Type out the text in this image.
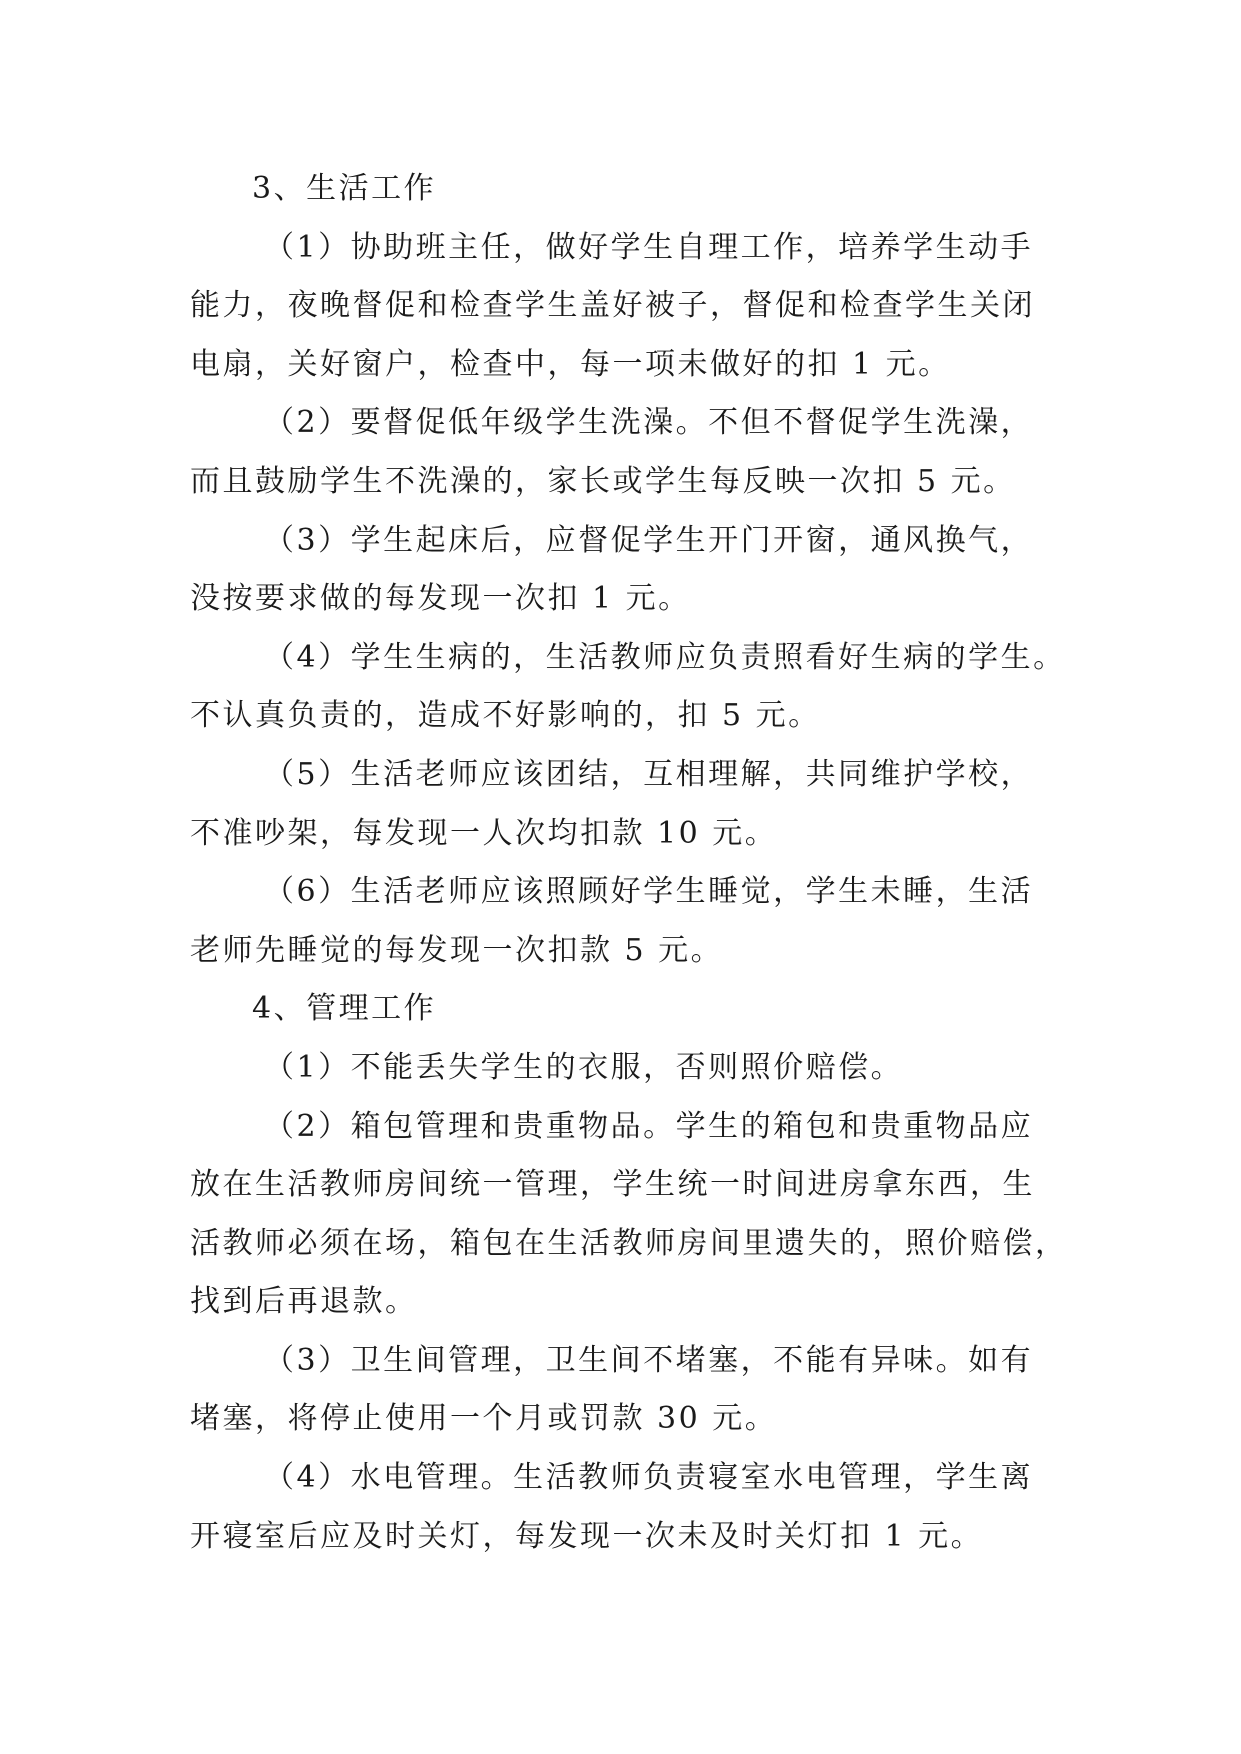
3、生活工作
（1）协助班主任，做好学生自理工作，培养学生动手
能力，夜晚督促和检查学生盖好被子，督促和检查学生关闭
电扇，关好窗户，检查中，每一项未做好的扣 1 元。
（2）要督促低年级学生洗澡。不但不督促学生洗澡，
而且鼓励学生不洗澡的，家长或学生每反映一次扣 5 元。
（3）学生起床后，应督促学生开门开窗，通风换气，
没按要求做的每发现一次扣 1 元。
（4）学生生病的，生活教师应负责照看好生病的学生。
不认真负责的，造成不好影响的，扣 5 元。
（5）生活老师应该团结，互相理解，共同维护学校，
不准吵架，每发现一人次均扣款 10 元。
（6）生活老师应该照顾好学生睡觉，学生未睡，生活
老师先睡觉的每发现一次扣款 5 元。
4、管理工作
（1）不能丢失学生的衣服，否则照价赔偿。
（2）箱包管理和贵重物品。学生的箱包和贵重物品应
放在生活教师房间统一管理，学生统一时间进房拿东西，生
活教师必须在场，箱包在生活教师房间里遗失的，照价赔偿，
找到后再退款。
（3）卫生间管理，卫生间不堵塞，不能有异味。如有
堵塞，将停止使用一个月或罚款 30 元。
（4）水电管理。生活教师负责寝室水电管理，学生离
开寝室后应及时关灯，每发现一次未及时关灯扣 1 元。
